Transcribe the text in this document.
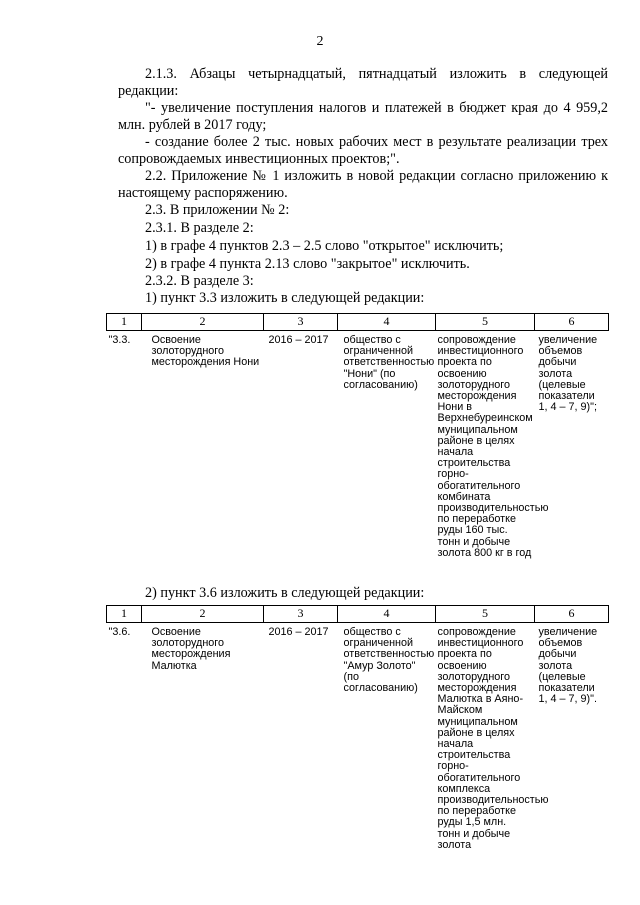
2

2.1.3. Абзацы четырнадцатый, пятнадцатый изложить в следующей редакции:

"- увеличение поступления налогов и платежей в бюджет края до 4 959,2 млн. рублей в 2017 году;

- создание более 2 тыс. новых рабочих мест в результате реализации трех сопровождаемых инвестиционных проектов;".

2.2. Приложение № 1 изложить в новой редакции согласно приложению к настоящему распоряжению.

2.3. В приложении № 2:

2.3.1. В разделе 2:

1) в графе 4 пунктов 2.3 – 2.5 слово "открытое" исключить;

2) в графе 4 пункта 2.13 слово "закрытое" исключить.

2.3.2. В разделе 3:

1) пункт 3.3 изложить в следующей редакции:

1	2	3	4	5	6
"3.3.	Освоение золоторудного месторождения Нони	2016 – 2017	общество с ограниченной ответственностью "Нони" (по согласованию)	сопровождение инвестиционного проекта по освоению золоторудного месторождения Нони в Верхнебуреинском муниципальном районе в целях начала строительства горно-обогатительного комбината производительностью по переработке руды 160 тыс. тонн и добыче золота 800 кг в год	увеличение объемов добычи золота (целевые показатели 1, 4 – 7, 9)";

2) пункт 3.6 изложить в следующей редакции:

1	2	3	4	5	6
"3.6.	Освоение золоторудного месторождения Малютка	2016 – 2017	общество с ограниченной ответственностью "Амур Золото" (по согласованию)	сопровождение инвестиционного проекта по освоению золоторудного месторождения Малютка в Аяно-Майском муниципальном районе в целях начала строительства горно-обогатительного комплекса производительностью по переработке руды 1,5 млн. тонн и добыче золота	увеличение объемов добычи золота (целевые показатели 1, 4 – 7, 9)".
